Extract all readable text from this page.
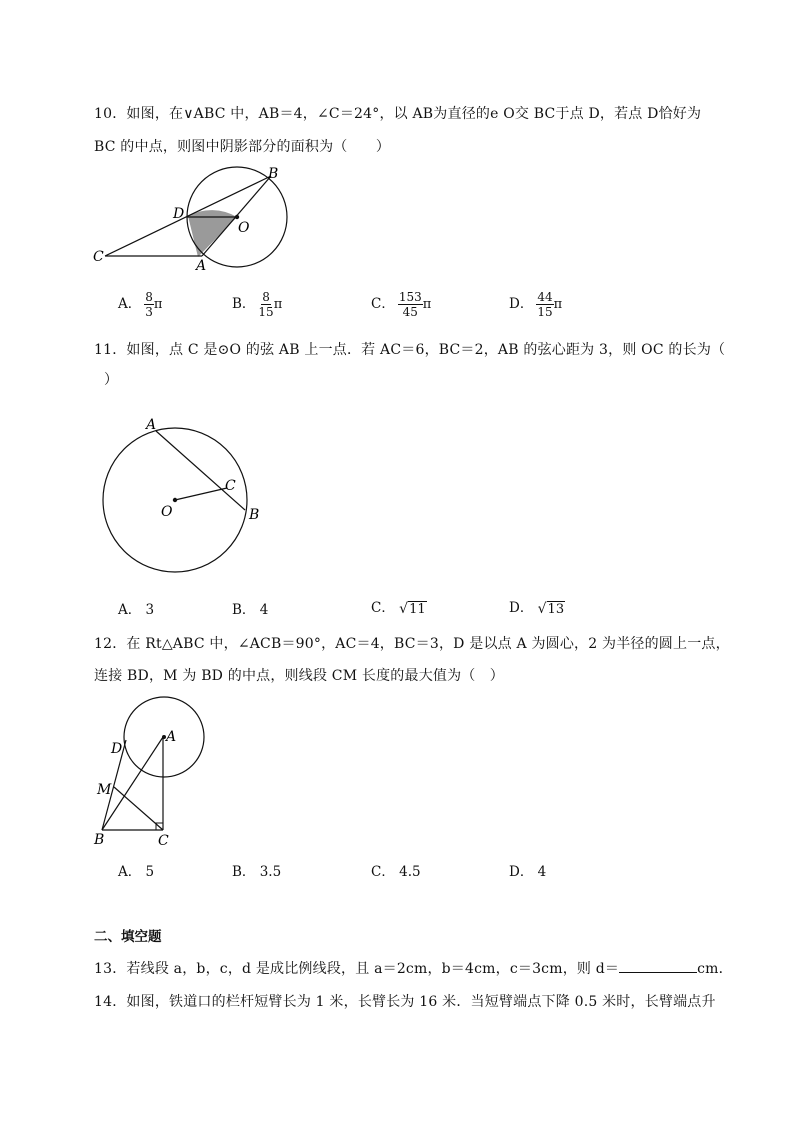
10．如图，在∨ABC 中，AB＝4，∠C＝24°，以 AB为直径的e O交 BC于点 D，若点 D恰好为
BC 的中点，则图中阴影部分的面积为（　　）
B
D
O
C
A
A． $\frac{8}{3}$ π	B． $\frac{8}{15}$ π	C． $\frac{153}{45}$ π	D． $\frac{44}{15}$ π
11．如图，点 C 是⊙O 的弦 AB 上一点．若 AC＝6，BC＝2，AB 的弦心距为 3，则 OC 的长为（
）
A
C
O	B
A． 3	B． 4	C． √11	D． √13
12．在 Rt△ABC 中，∠ACB＝90°，AC＝4，BC＝3，D 是以点 A 为圆心，2 为半径的圆上一点，
连接 BD，M 为 BD 的中点，则线段 CM 长度的最大值为（　）
D
A
M
B	C
A． 5	B． 3.5	C． 4.5	D． 4
二、填空题
13．若线段 a，b，c，d 是成比例线段，且 a＝2cm，b＝4cm，c＝3cm，则 d＝	cm．
14．如图，铁道口的栏杆短臂长为 1 米，长臂长为 16 米．当短臂端点下降 0.5 米时，长臂端点升
